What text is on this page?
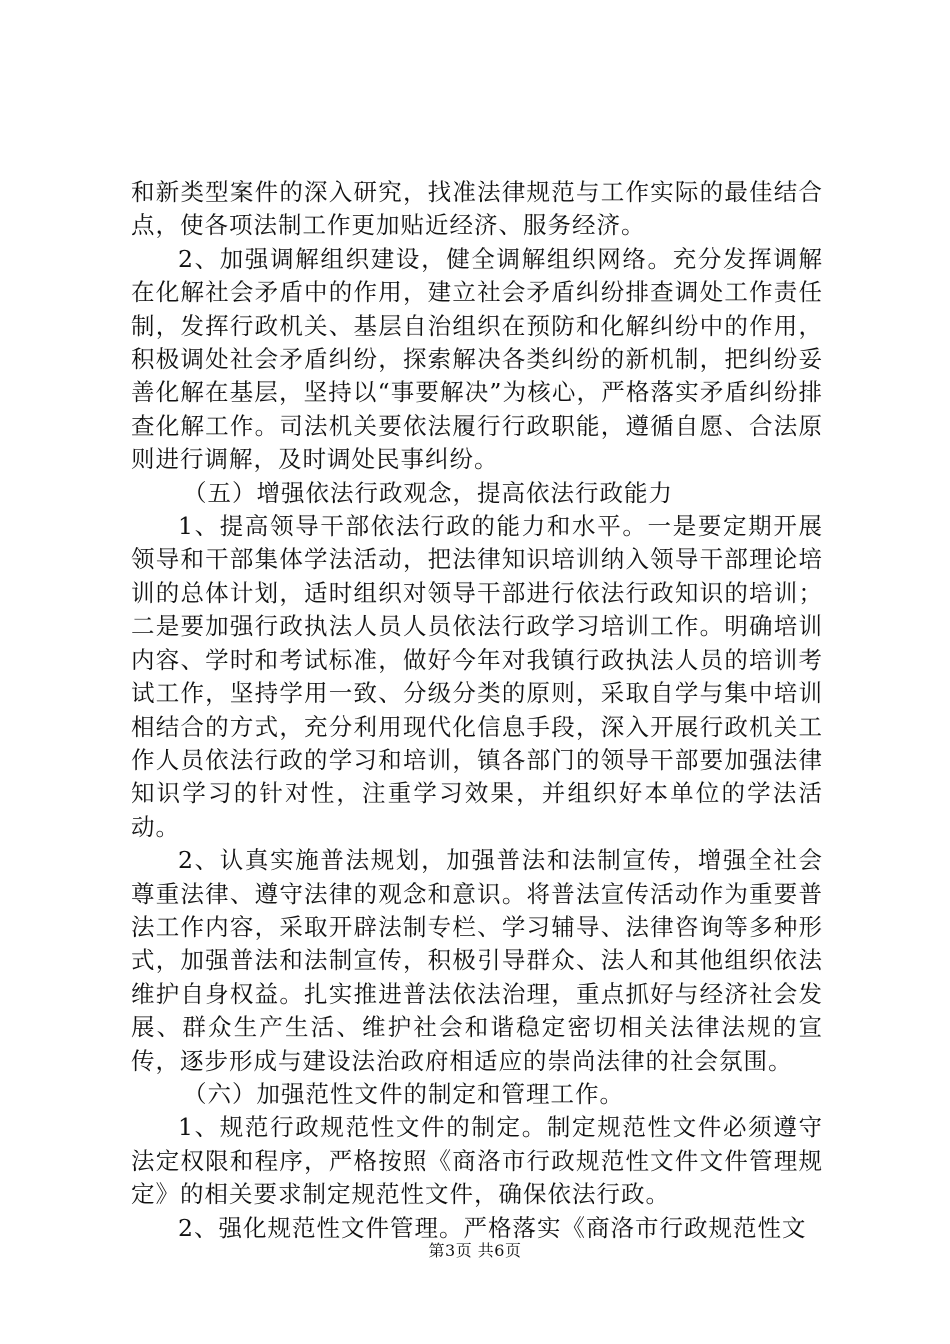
和新类型案件的深入研究，找准法律规范与工作实际的最佳结合点，使各项法制工作更加贴近经济、服务经济。

2、加强调解组织建设，健全调解组织网络。充分发挥调解在化解社会矛盾中的作用，建立社会矛盾纠纷排查调处工作责任制，发挥行政机关、基层自治组织在预防和化解纠纷中的作用，积极调处社会矛盾纠纷，探索解决各类纠纷的新机制，把纠纷妥善化解在基层，坚持以“事要解决”为核心，严格落实矛盾纠纷排查化解工作。司法机关要依法履行行政职能，遵循自愿、合法原则进行调解，及时调处民事纠纷。

（五）增强依法行政观念，提高依法行政能力

1、提高领导干部依法行政的能力和水平。一是要定期开展领导和干部集体学法活动，把法律知识培训纳入领导干部理论培训的总体计划，适时组织对领导干部进行依法行政知识的培训；二是要加强行政执法人员人员依法行政学习培训工作。明确培训内容、学时和考试标准，做好今年对我镇行政执法人员的培训考试工作，坚持学用一致、分级分类的原则，采取自学与集中培训相结合的方式，充分利用现代化信息手段，深入开展行政机关工作人员依法行政的学习和培训，镇各部门的领导干部要加强法律知识学习的针对性，注重学习效果，并组织好本单位的学法活动。

2、认真实施普法规划，加强普法和法制宣传，增强全社会尊重法律、遵守法律的观念和意识。将普法宣传活动作为重要普法工作内容，采取开辟法制专栏、学习辅导、法律咨询等多种形式，加强普法和法制宣传，积极引导群众、法人和其他组织依法维护自身权益。扎实推进普法依法治理，重点抓好与经济社会发展、群众生产生活、维护社会和谐稳定密切相关法律法规的宣传，逐步形成与建设法治政府相适应的崇尚法律的社会氛围。

（六）加强范性文件的制定和管理工作。

1、规范行政规范性文件的制定。制定规范性文件必须遵守法定权限和程序，严格按照《商洛市行政规范性文件文件管理规定》的相关要求制定规范性文件，确保依法行政。

2、强化规范性文件管理。严格落实《商洛市行政规范性文

第3页 共6页
